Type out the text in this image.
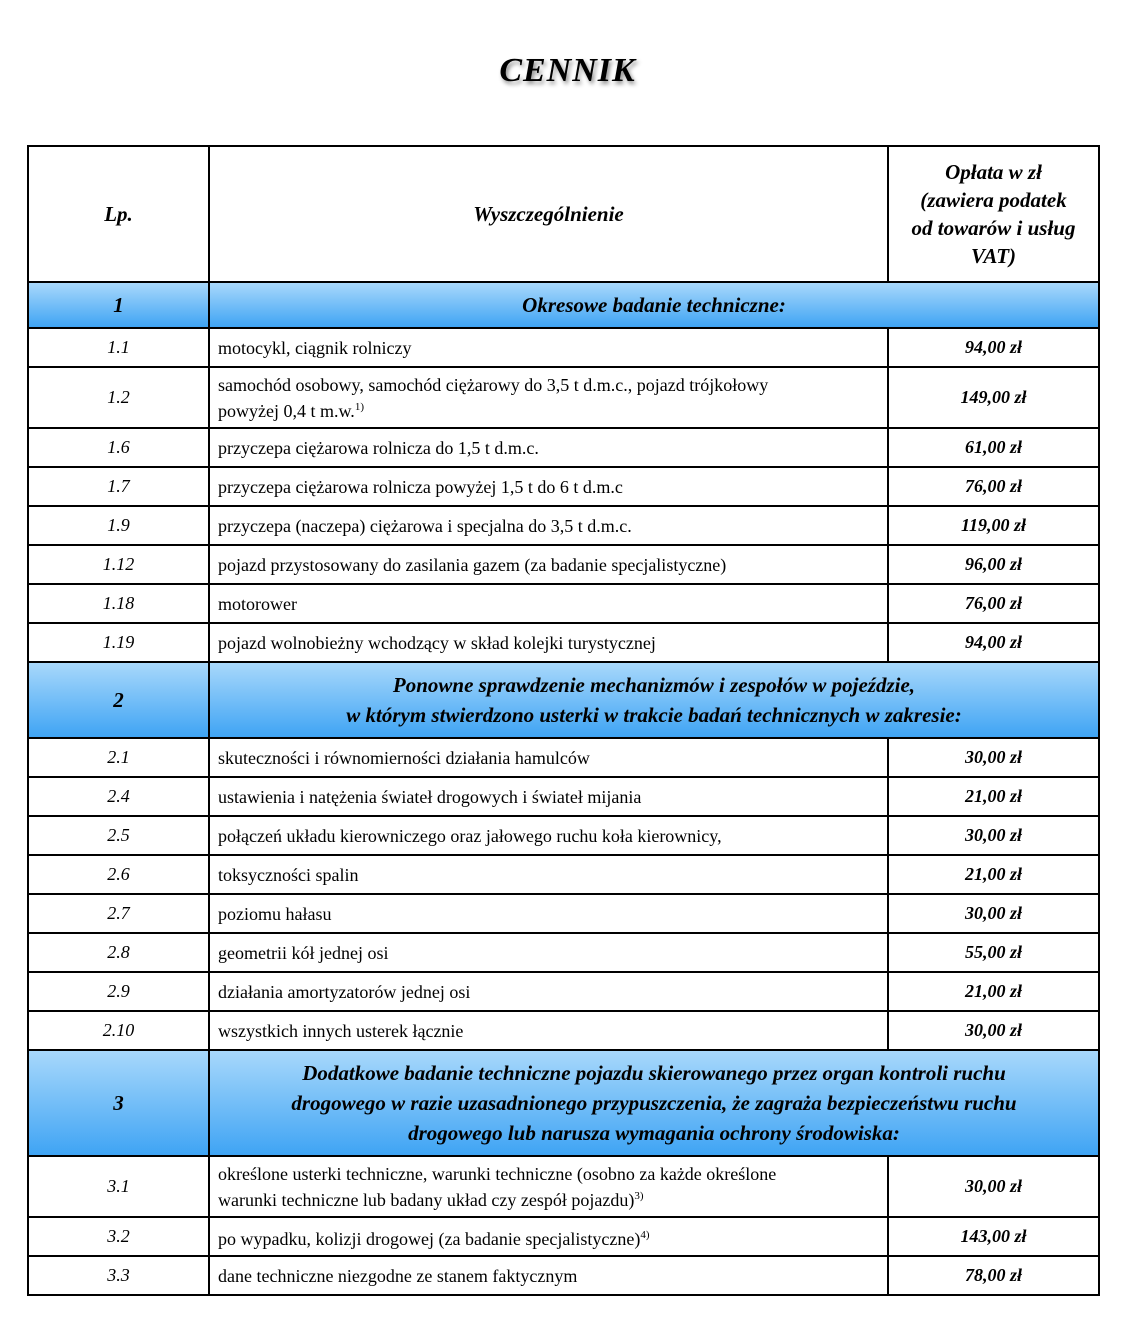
CENNIK
Lp.	Wyszczególnienie	Opłata w zł
(zawiera podatek
od towarów i usług
VAT)

1	Okresowe badanie techniczne:	

1.1	motocykl, ciągnik rolniczy	94,00 zł
1.2	samochód osobowy, samochód ciężarowy do 3,5 t d.m.c., pojazd trójkołowy
powyżej 0,4 t m.w.$^{1)}$	149,00 zł
1.6	przyczepa ciężarowa rolnicza do 1,5 t d.m.c.	61,00 zł
1.7	przyczepa ciężarowa rolnicza powyżej 1,5 t do 6 t d.m.c	76,00 zł
1.9	przyczepa (naczepa) ciężarowa i specjalna do 3,5 t d.m.c.	119,00 zł
1.12	pojazd przystosowany do zasilania gazem (za badanie specjalistyczne)	96,00 zł
1.18	motorower	76,00 zł
1.19	pojazd wolnobieżny wchodzący w skład kolejki turystycznej	94,00 zł
2	Ponowne sprawdzenie mechanizmów i zespołów w pojeździe,
w którym stwierdzono usterki w trakcie badań technicznych w zakresie:	

2.1	skuteczności i równomierności działania hamulców	30,00 zł
2.4	ustawienia i natężenia świateł drogowych i świateł mijania	21,00 zł
2.5	połączeń układu kierowniczego oraz jałowego ruchu koła kierownicy,	30,00 zł
2.6	toksyczności spalin	21,00 zł
2.7	poziomu hałasu	30,00 zł
2.8	geometrii kół jednej osi	55,00 zł
2.9	działania amortyzatorów jednej osi	21,00 zł
2.10	wszystkich innych usterek łącznie	30,00 zł
3	Dodatkowe badanie techniczne pojazdu skierowanego przez organ kontroli ruchu
drogowego w razie uzasadnionego przypuszczenia, że zagraża bezpieczeństwu ruchu
drogowego lub narusza wymagania ochrony środowiska:	

3.1	określone usterki techniczne, warunki techniczne (osobno za każde określone
warunki techniczne lub badany układ czy zespół pojazdu)$^{3)}$	30,00 zł
3.2	po wypadku, kolizji drogowej (za badanie specjalistyczne)$^{4)}$	143,00 zł
3.3	dane techniczne niezgodne ze stanem faktycznym	78,00 zł
